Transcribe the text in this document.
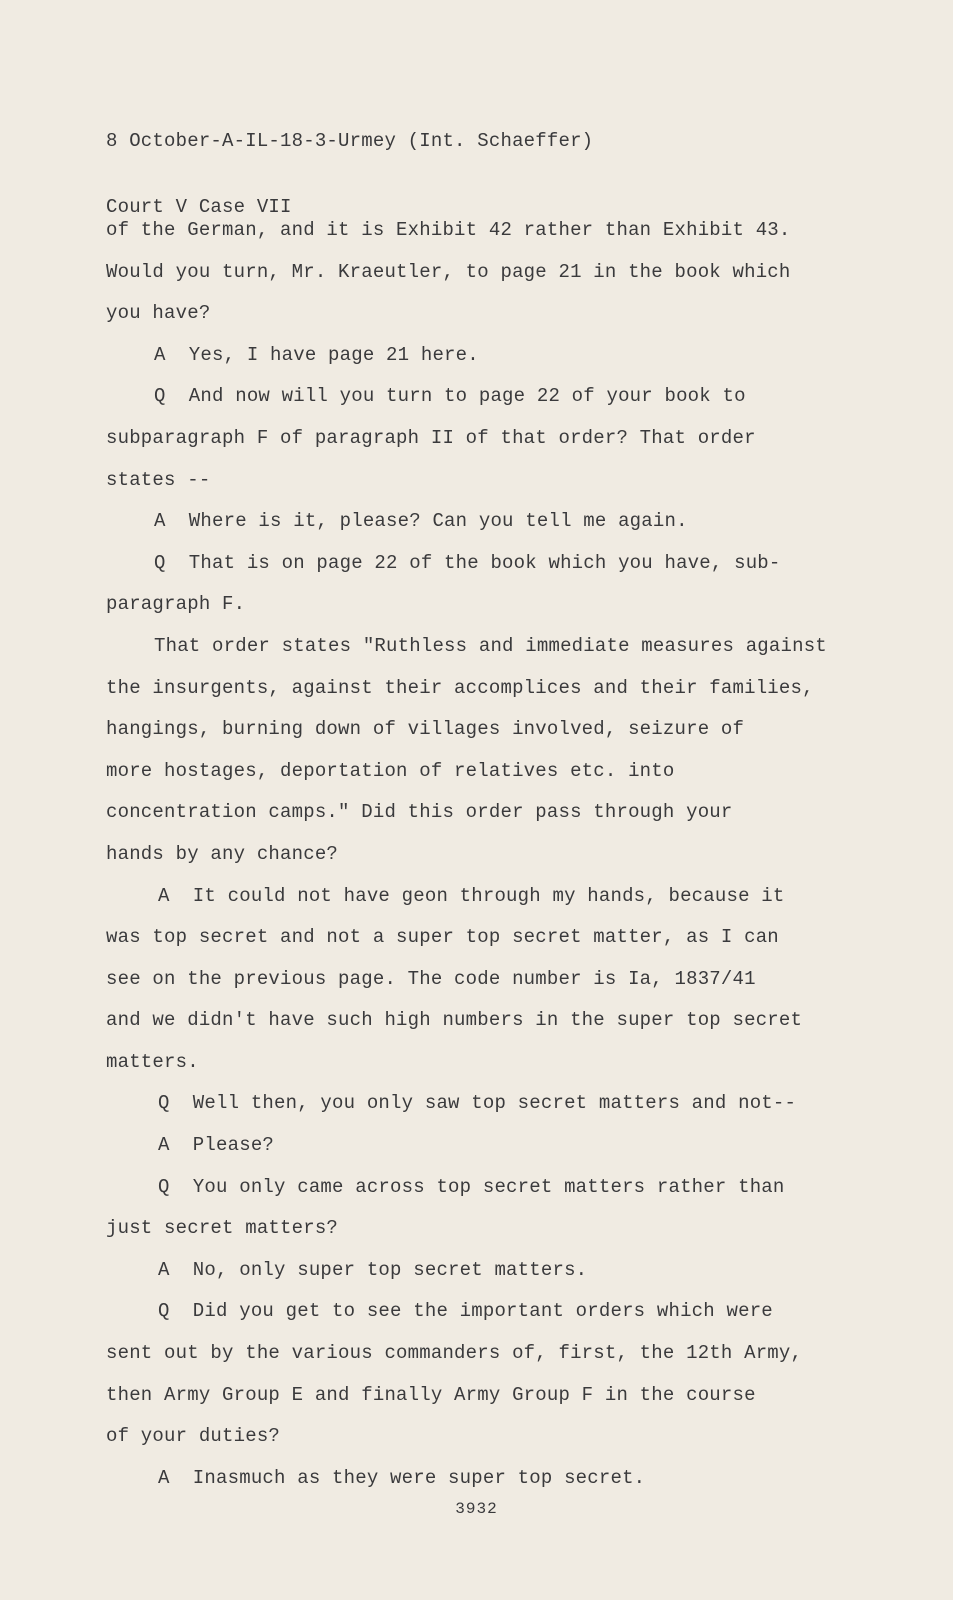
8 October-A-IL-18-3-Urmey (Int. Schaeffer)

Court V Case VII

of the German, and it is Exhibit 42 rather than Exhibit 43.
Would you turn, Mr. Kraeutler, to page 21 in the book which
you have?
A  Yes, I have page 21 here.
Q  And now will you turn to page 22 of your book to
subparagraph F of paragraph II of that order? That order
states --
A  Where is it, please? Can you tell me again.
Q  That is on page 22 of the book which you have, sub-
paragraph F.
That order states "Ruthless and immediate measures against
the insurgents, against their accomplices and their families,
hangings, burning down of villages involved, seizure of
more hostages, deportation of relatives etc. into
concentration camps." Did this order pass through your
hands by any chance?
A  It could not have geon through my hands, because it
was top secret and not a super top secret matter, as I can
see on the previous page. The code number is Ia, 1837/41
and we didn't have such high numbers in the super top secret
matters.
Q  Well then, you only saw top secret matters and not--
A  Please?
Q  You only came across top secret matters rather than
just secret matters?
A  No, only super top secret matters.
Q  Did you get to see the important orders which were
sent out by the various commanders of, first, the 12th Army,
then Army Group E and finally Army Group F in the course
of your duties?
A  Inasmuch as they were super top secret.
3932
